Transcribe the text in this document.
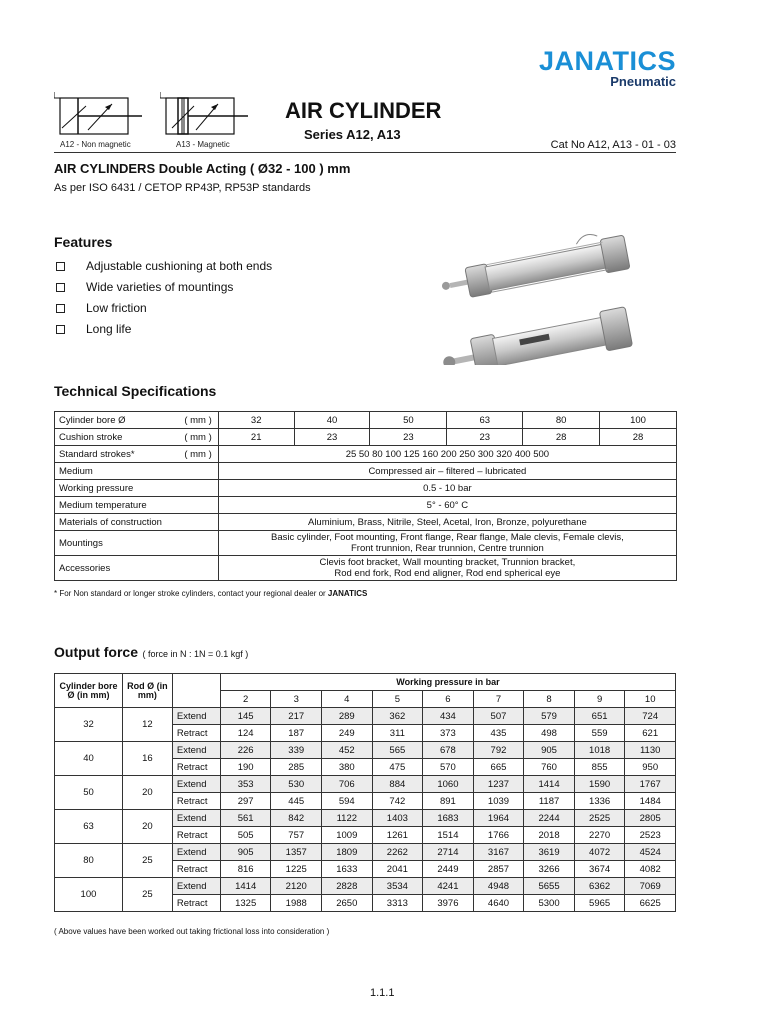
JANATICS
Pneumatic
A12 - Non magnetic	A13 - Magnetic
AIR CYLINDER
Series A12, A13
Cat No A12, A13 - 01 - 03
AIR CYLINDERS Double Acting ( Ø32 - 100 ) mm
As per ISO 6431 / CETOP RP43P, RP53P standards
Features
Adjustable cushioning at both ends
Wide varieties of mountings
Low friction
Long life
Technical Specifications
Cylinder bore Ø	( mm )	32	40	50	63	80	100
Cushion stroke	( mm )	21	23	23	23	28	28
Standard strokes*	( mm )	25 50 80 100 125 160 200 250 300 320 400 500					
Medium		Compressed air – filtered – lubricated					
Working pressure		0.5 - 10 bar					
Medium temperature		5° - 60° C					
Materials of construction		Aluminium, Brass, Nitrile, Steel, Acetal, Iron, Bronze, polyurethane					
Mountings		Basic cylinder, Foot mounting, Front flange, Rear flange, Male clevis, Female clevis,
Front trunnion, Rear trunnion, Centre trunnion					

Accessories		Clevis foot bracket, Wall mounting bracket, Trunnion bracket,
Rod end fork, Rod end aligner, Rod end spherical eye					
* For Non standard or longer stroke cylinders, contact your regional dealer or JANATICS
Output force ( force in N : 1N = 0.1 kgf )
Cylinder bore Ø (in mm)	Rod Ø (in mm)		Working pressure in bar								
			2	3	4	5	6	7	8	9	10
32	12	Extend	145	217	289	362	434	507	579	651	724
		Retract	124	187	249	311	373	435	498	559	621
40	16	Extend	226	339	452	565	678	792	905	1018	1130
		Retract	190	285	380	475	570	665	760	855	950
50	20	Extend	353	530	706	884	1060	1237	1414	1590	1767
		Retract	297	445	594	742	891	1039	1187	1336	1484
63	20	Extend	561	842	1122	1403	1683	1964	2244	2525	2805
		Retract	505	757	1009	1261	1514	1766	2018	2270	2523
80	25	Extend	905	1357	1809	2262	2714	3167	3619	4072	4524
		Retract	816	1225	1633	2041	2449	2857	3266	3674	4082
100	25	Extend	1414	2120	2828	3534	4241	4948	5655	6362	7069
		Retract	1325	1988	2650	3313	3976	4640	5300	5965	6625
( Above values have been worked out taking frictional loss into consideration )
1.1.1
